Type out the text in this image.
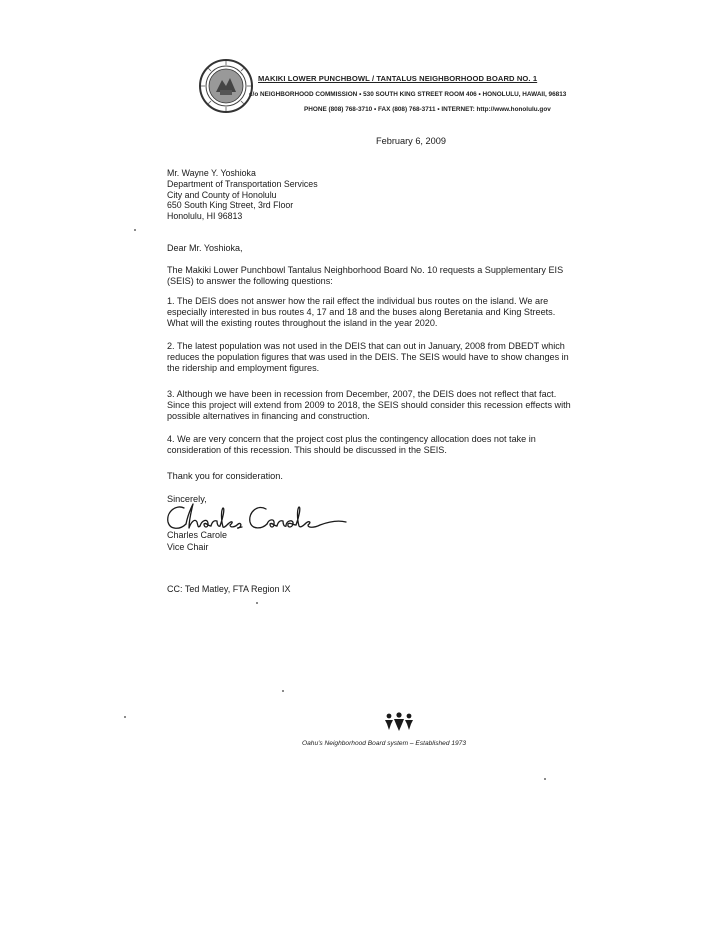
MAKIKI LOWER PUNCHBOWL / TANTALUS NEIGHBORHOOD BOARD NO. 1
c/o NEIGHBORHOOD COMMISSION • 530 SOUTH KING STREET ROOM 406 • HONOLULU, HAWAII, 96813
PHONE (808) 768-3710 • FAX (808) 768-3711 • INTERNET: http://www.honolulu.gov
February 6, 2009
Mr. Wayne Y. Yoshioka
Department of Transportation Services
City and County of Honolulu
650 South King Street, 3rd Floor
Honolulu, HI 96813
Dear Mr. Yoshioka,
The Makiki Lower Punchbowl Tantalus Neighborhood Board No. 10 requests a Supplementary EIS
(SEIS) to answer the following questions:
1. The DEIS does not answer how the rail effect the individual bus routes on the island. We are
especially interested in bus routes 4, 17 and 18 and the buses along Beretania and King Streets.
What will the existing routes throughout the island in the year 2020.
2. The latest population was not used in the DEIS that can out in January, 2008 from DBEDT which
reduces the population figures that was used in the DEIS. The SEIS would have to show changes in
the ridership and employment figures.
3. Although we have been in recession from December, 2007, the DEIS does not reflect that fact.
Since this project will extend from 2009 to 2018, the SEIS should consider this recession effects with
possible alternatives in financing and construction.
4. We are very concern that the project cost plus the contingency allocation does not take in
consideration of this recession. This should be discussed in the SEIS.
Thank you for consideration.
Sincerely,
Charles Carole
Vice Chair
CC: Ted Matley, FTA Region IX
Oahu's Neighborhood Board system – Established 1973
